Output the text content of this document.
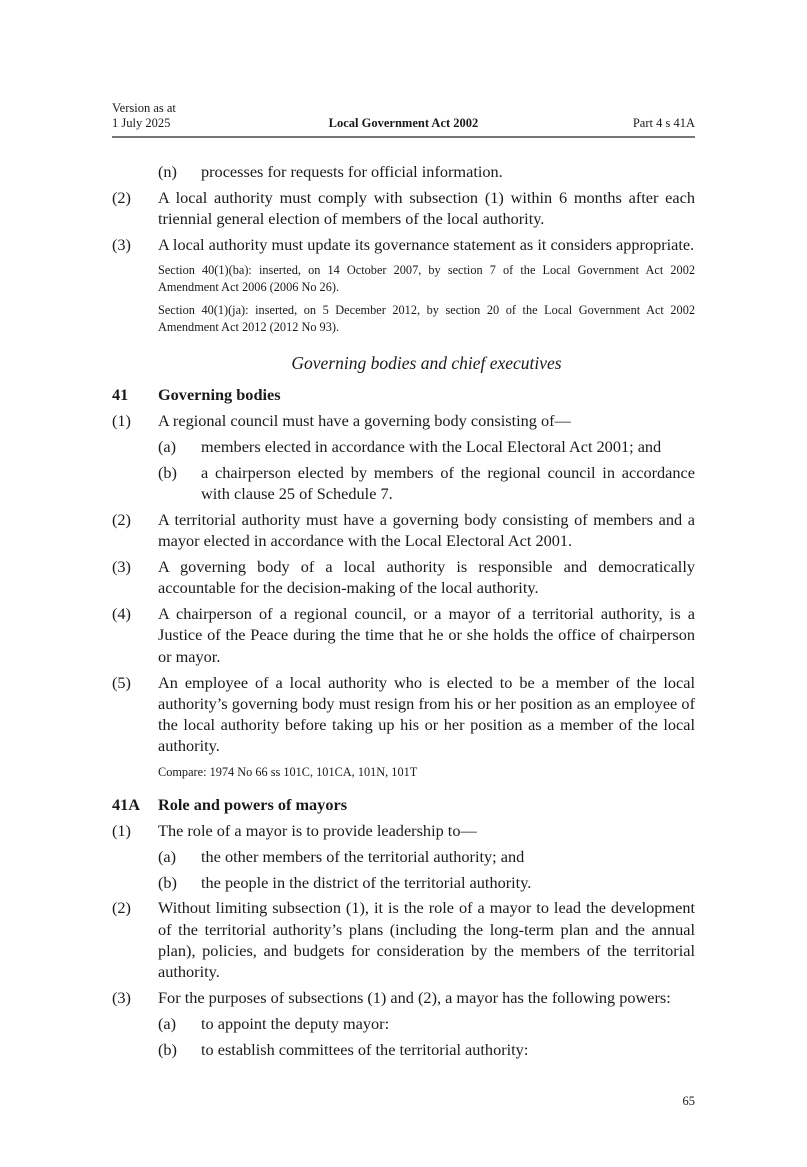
Version as at
1 July 2025	Local Government Act 2002	Part 4 s 41A
(n) processes for requests for official information.
(2) A local authority must comply with subsection (1) within 6 months after each triennial general election of members of the local authority.
(3) A local authority must update its governance statement as it considers appropriate.
Section 40(1)(ba): inserted, on 14 October 2007, by section 7 of the Local Government Act 2002 Amendment Act 2006 (2006 No 26).
Section 40(1)(ja): inserted, on 5 December 2012, by section 20 of the Local Government Act 2002 Amendment Act 2012 (2012 No 93).
Governing bodies and chief executives
41 Governing bodies
(1) A regional council must have a governing body consisting of—
(a) members elected in accordance with the Local Electoral Act 2001; and
(b) a chairperson elected by members of the regional council in accordance with clause 25 of Schedule 7.
(2) A territorial authority must have a governing body consisting of members and a mayor elected in accordance with the Local Electoral Act 2001.
(3) A governing body of a local authority is responsible and democratically accountable for the decision-making of the local authority.
(4) A chairperson of a regional council, or a mayor of a territorial authority, is a Justice of the Peace during the time that he or she holds the office of chairperson or mayor.
(5) An employee of a local authority who is elected to be a member of the local authority’s governing body must resign from his or her position as an employee of the local authority before taking up his or her position as a member of the local authority.
Compare: 1974 No 66 ss 101C, 101CA, 101N, 101T
41A Role and powers of mayors
(1) The role of a mayor is to provide leadership to—
(a) the other members of the territorial authority; and
(b) the people in the district of the territorial authority.
(2) Without limiting subsection (1), it is the role of a mayor to lead the development of the territorial authority’s plans (including the long-term plan and the annual plan), policies, and budgets for consideration by the members of the territorial authority.
(3) For the purposes of subsections (1) and (2), a mayor has the following powers:
(a) to appoint the deputy mayor:
(b) to establish committees of the territorial authority:
65
